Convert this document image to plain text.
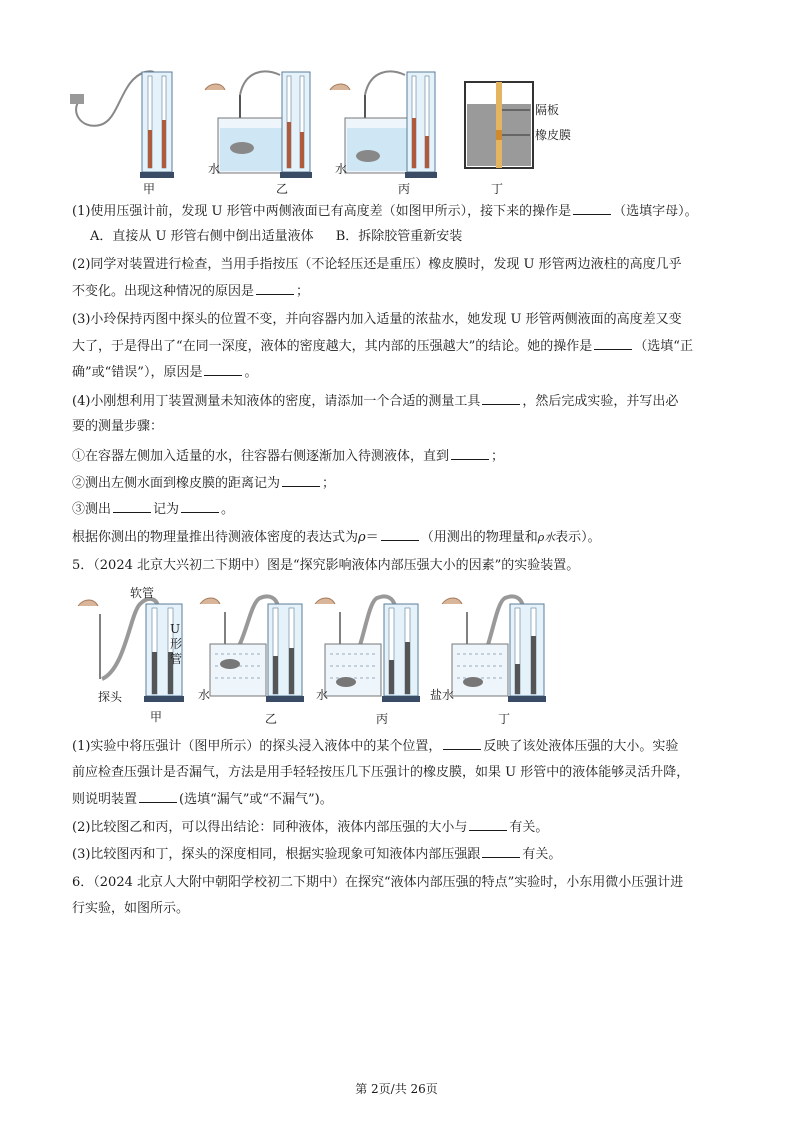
甲	乙	丙	丁
水	水
隔板
橡皮膜
(1)使用压强计前，发现 U 形管中两侧液面已有高度差（如图甲所示），接下来的操作是	（选填字母）。
A．直接从 U 形管右侧中倒出适量液体 B．拆除胶管重新安装
(2)同学对装置进行检查，当用手指按压（不论轻压还是重压）橡皮膜时，发现 U 形管两边液柱的高度几乎
不变化。出现这种情况的原因是	；
(3)小玲保持丙图中探头的位置不变，并向容器内加入适量的浓盐水，她发现 U 形管两侧液面的高度差又变
大了，于是得出了“在同一深度，液体的密度越大，其内部的压强越大”的结论。她的操作是	（选填“正
确”或“错误”），原因是	。
(4)小刚想利用丁装置测量未知液体的密度，请添加一个合适的测量工具	，然后完成实验，并写出必
要的测量步骤：
①在容器左侧加入适量的水，往容器右侧逐渐加入待测液体，直到	；
②测出左侧水面到橡皮膜的距离记为	；
③测出	记为	。
根据你测出的物理量推出待测液体密度的表达式为ρ＝	（用测出的物理量和ρ水表示）。
5．（2024 北京大兴初二下期中）图是“探究影响液体内部压强大小的因素”的实验装置。
软管
U形管
探头	水	水	盐水
甲	乙	丙	丁
(1)实验中将压强计（图甲所示）的探头浸入液体中的某个位置，	反映了该处液体压强的大小。实验
前应检查压强计是否漏气，方法是用手轻轻按压几下压强计的橡皮膜，如果 U 形管中的液体能够灵活升降，
则说明装置	(选填“漏气”或“不漏气”)。
(2)比较图乙和丙，可以得出结论：同种液体，液体内部压强的大小与	有关。
(3)比较图丙和丁，探头的深度相同，根据实验现象可知液体内部压强跟	有关。
6．（2024 北京人大附中朝阳学校初二下期中）在探究“液体内部压强的特点”实验时，小东用微小压强计进
行实验，如图所示。
第 2页/共 26页
